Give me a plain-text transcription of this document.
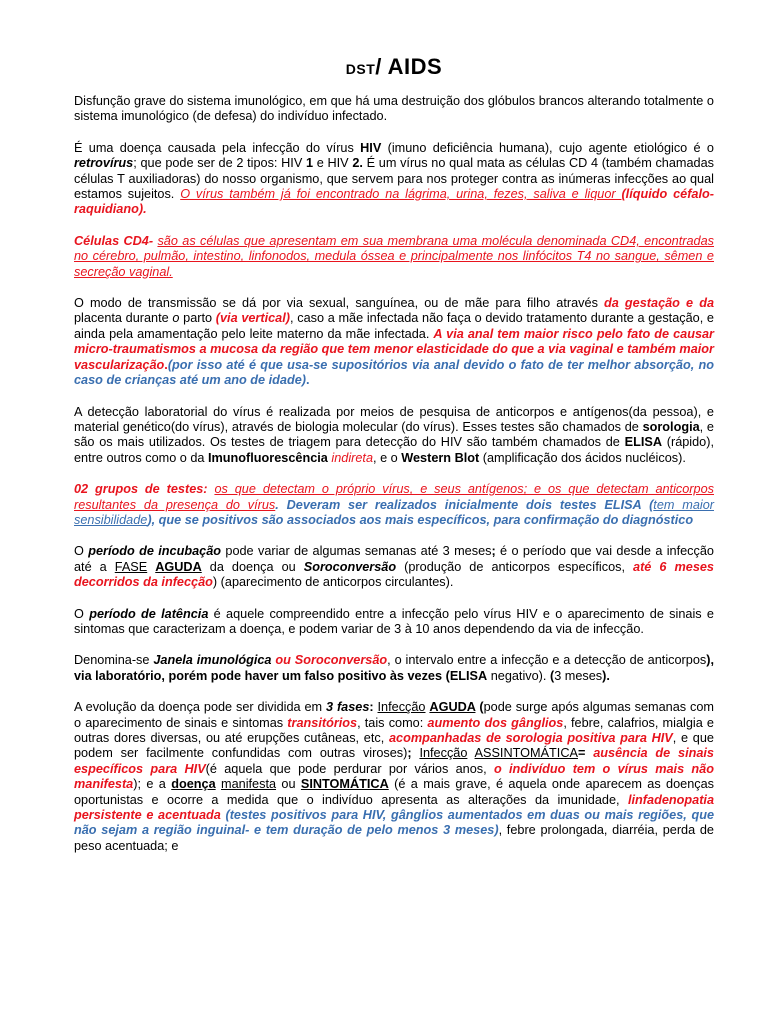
DST/ AIDS

Disfunção grave do sistema imunológico, em que há uma destruição dos glóbulos brancos alterando totalmente o sistema imunológico (de defesa) do indivíduo infectado.

É uma doença causada pela infecção do vírus HIV (imuno deficiência humana), cujo agente etiológico é o retrovírus; que pode ser de 2 tipos: HIV 1 e HIV 2. É um vírus no qual mata as células CD 4 (também chamadas células T auxiliadoras) do nosso organismo, que servem para nos proteger contra as inúmeras infecções ao qual estamos sujeitos. O vírus também já foi encontrado na lágrima, urina, fezes, saliva e liquor (líquido céfalo-raquidiano).

Células CD4- são as células que apresentam em sua membrana uma molécula denominada CD4, encontradas no cérebro, pulmão, intestino, linfonodos, medula óssea e principalmente nos linfócitos T4 no sangue, sêmen e secreção vaginal.

O modo de transmissão se dá por via sexual, sanguínea, ou de mãe para filho através da gestação e da placenta durante o parto (via vertical), caso a mãe infectada não faça o devido tratamento durante a gestação, e ainda pela amamentação pelo leite materno da mãe infectada. A via anal tem maior risco pelo fato de causar micro-traumatismos a mucosa da região que tem menor elasticidade do que a via vaginal e também maior vascularização.(por isso até é que usa-se supositórios via anal devido o fato de ter melhor absorção, no caso de crianças até um ano de idade).

A detecção laboratorial do vírus é realizada por meios de pesquisa de anticorpos e antígenos(da pessoa), e material genético(do vírus), através de biologia molecular (do vírus). Esses testes são chamados de sorologia, e são os mais utilizados. Os testes de triagem para detecção do HIV são também chamados de ELISA (rápido), entre outros como o da Imunofluorescência indireta, e o Western Blot (amplificação dos ácidos nucléicos).

02 grupos de testes: os que detectam o próprio vírus, e seus antígenos; e os que detectam anticorpos resultantes da presença do vírus. Deveram ser realizados inicialmente dois testes ELISA (tem maior sensibilidade), que se positivos são associados aos mais específicos, para confirmação do diagnóstico

O período de incubação pode variar de algumas semanas até 3 meses; é o período que vai desde a infecção até a FASE AGUDA da doença ou Soroconversão (produção de anticorpos específicos, até 6 meses decorridos da infecção) (aparecimento de anticorpos circulantes).

O período de latência é aquele compreendido entre a infecção pelo vírus HIV e o aparecimento de sinais e sintomas que caracterizam a doença, e podem variar de 3 à 10 anos dependendo da via de infecção.

Denomina-se Janela imunológica ou Soroconversão, o intervalo entre a infecção e a detecção de anticorpos), via laboratório, porém pode haver um falso positivo às vezes (ELISA negativo). (3 meses).

A evolução da doença pode ser dividida em 3 fases: Infecção AGUDA (pode surge após algumas semanas com o aparecimento de sinais e sintomas transitórios, tais como: aumento dos gânglios, febre, calafrios, mialgia e outras dores diversas, ou até erupções cutâneas, etc, acompanhadas de sorologia positiva para HIV, e que podem ser facilmente confundidas com outras viroses); Infecção ASSINTOMÁTICA= ausência de sinais específicos para HIV(é aquela que pode perdurar por vários anos, o indivíduo tem o vírus mais não manifesta); e a doença manifesta ou SINTOMÁTICA (é a mais grave, é aquela onde aparecem as doenças oportunistas e ocorre a medida que o indivíduo apresenta as alterações da imunidade, linfadenopatia persistente e acentuada (testes positivos para HIV, gânglios aumentados em duas ou mais regiões, que não sejam a região inguinal- e tem duração de pelo menos 3 meses), febre prolongada, diarréia, perda de peso acentuada; e
